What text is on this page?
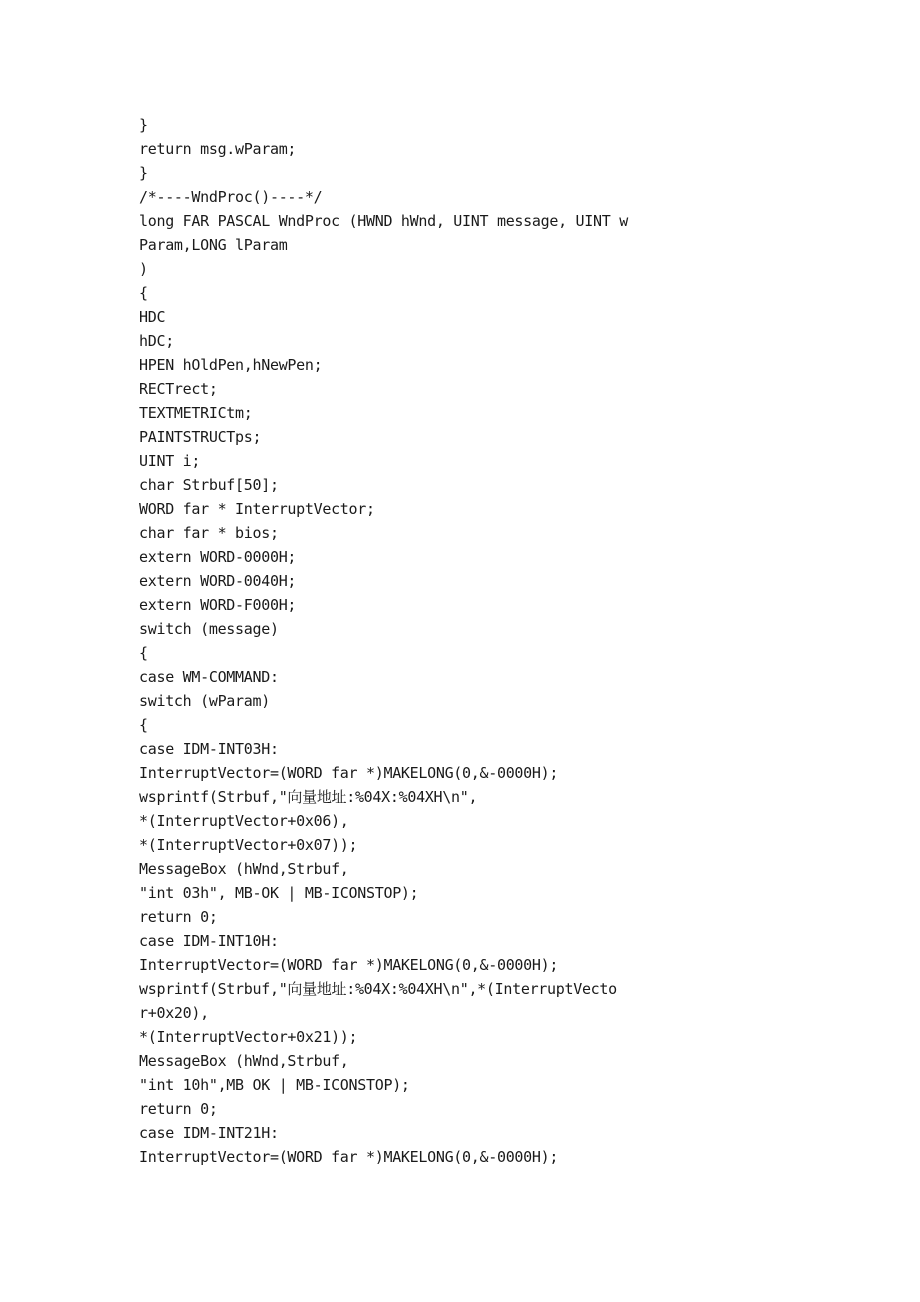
}
return msg.wParam;
}
/*----WndProc()----*/
long FAR PASCAL WndProc (HWND hWnd, UINT message, UINT w
Param,LONG lParam
)
{
HDC
hDC;
HPEN hOldPen,hNewPen;
RECTrect;
TEXTMETRICtm;
PAINTSTRUCTps;
UINT i;
char Strbuf[50];
WORD far * InterruptVector;
char far * bios;
extern WORD-0000H;
extern WORD-0040H;
extern WORD-F000H;
switch (message)
{
case WM-COMMAND:
switch (wParam)
{
case IDM-INT03H:
InterruptVector=(WORD far *)MAKELONG(0,&-0000H);
wsprintf(Strbuf,"向量地址:%04X:%04XH\n",
*(InterruptVector+0x06),
*(InterruptVector+0x07));
MessageBox (hWnd,Strbuf,
"int 03h", MB-OK | MB-ICONSTOP);
return 0;
case IDM-INT10H:
InterruptVector=(WORD far *)MAKELONG(0,&-0000H);
wsprintf(Strbuf,"向量地址:%04X:%04XH\n",*(InterruptVecto
r+0x20),
*(InterruptVector+0x21));
MessageBox (hWnd,Strbuf,
"int 10h",MB OK | MB-ICONSTOP);
return 0;
case IDM-INT21H:
InterruptVector=(WORD far *)MAKELONG(0,&-0000H);
